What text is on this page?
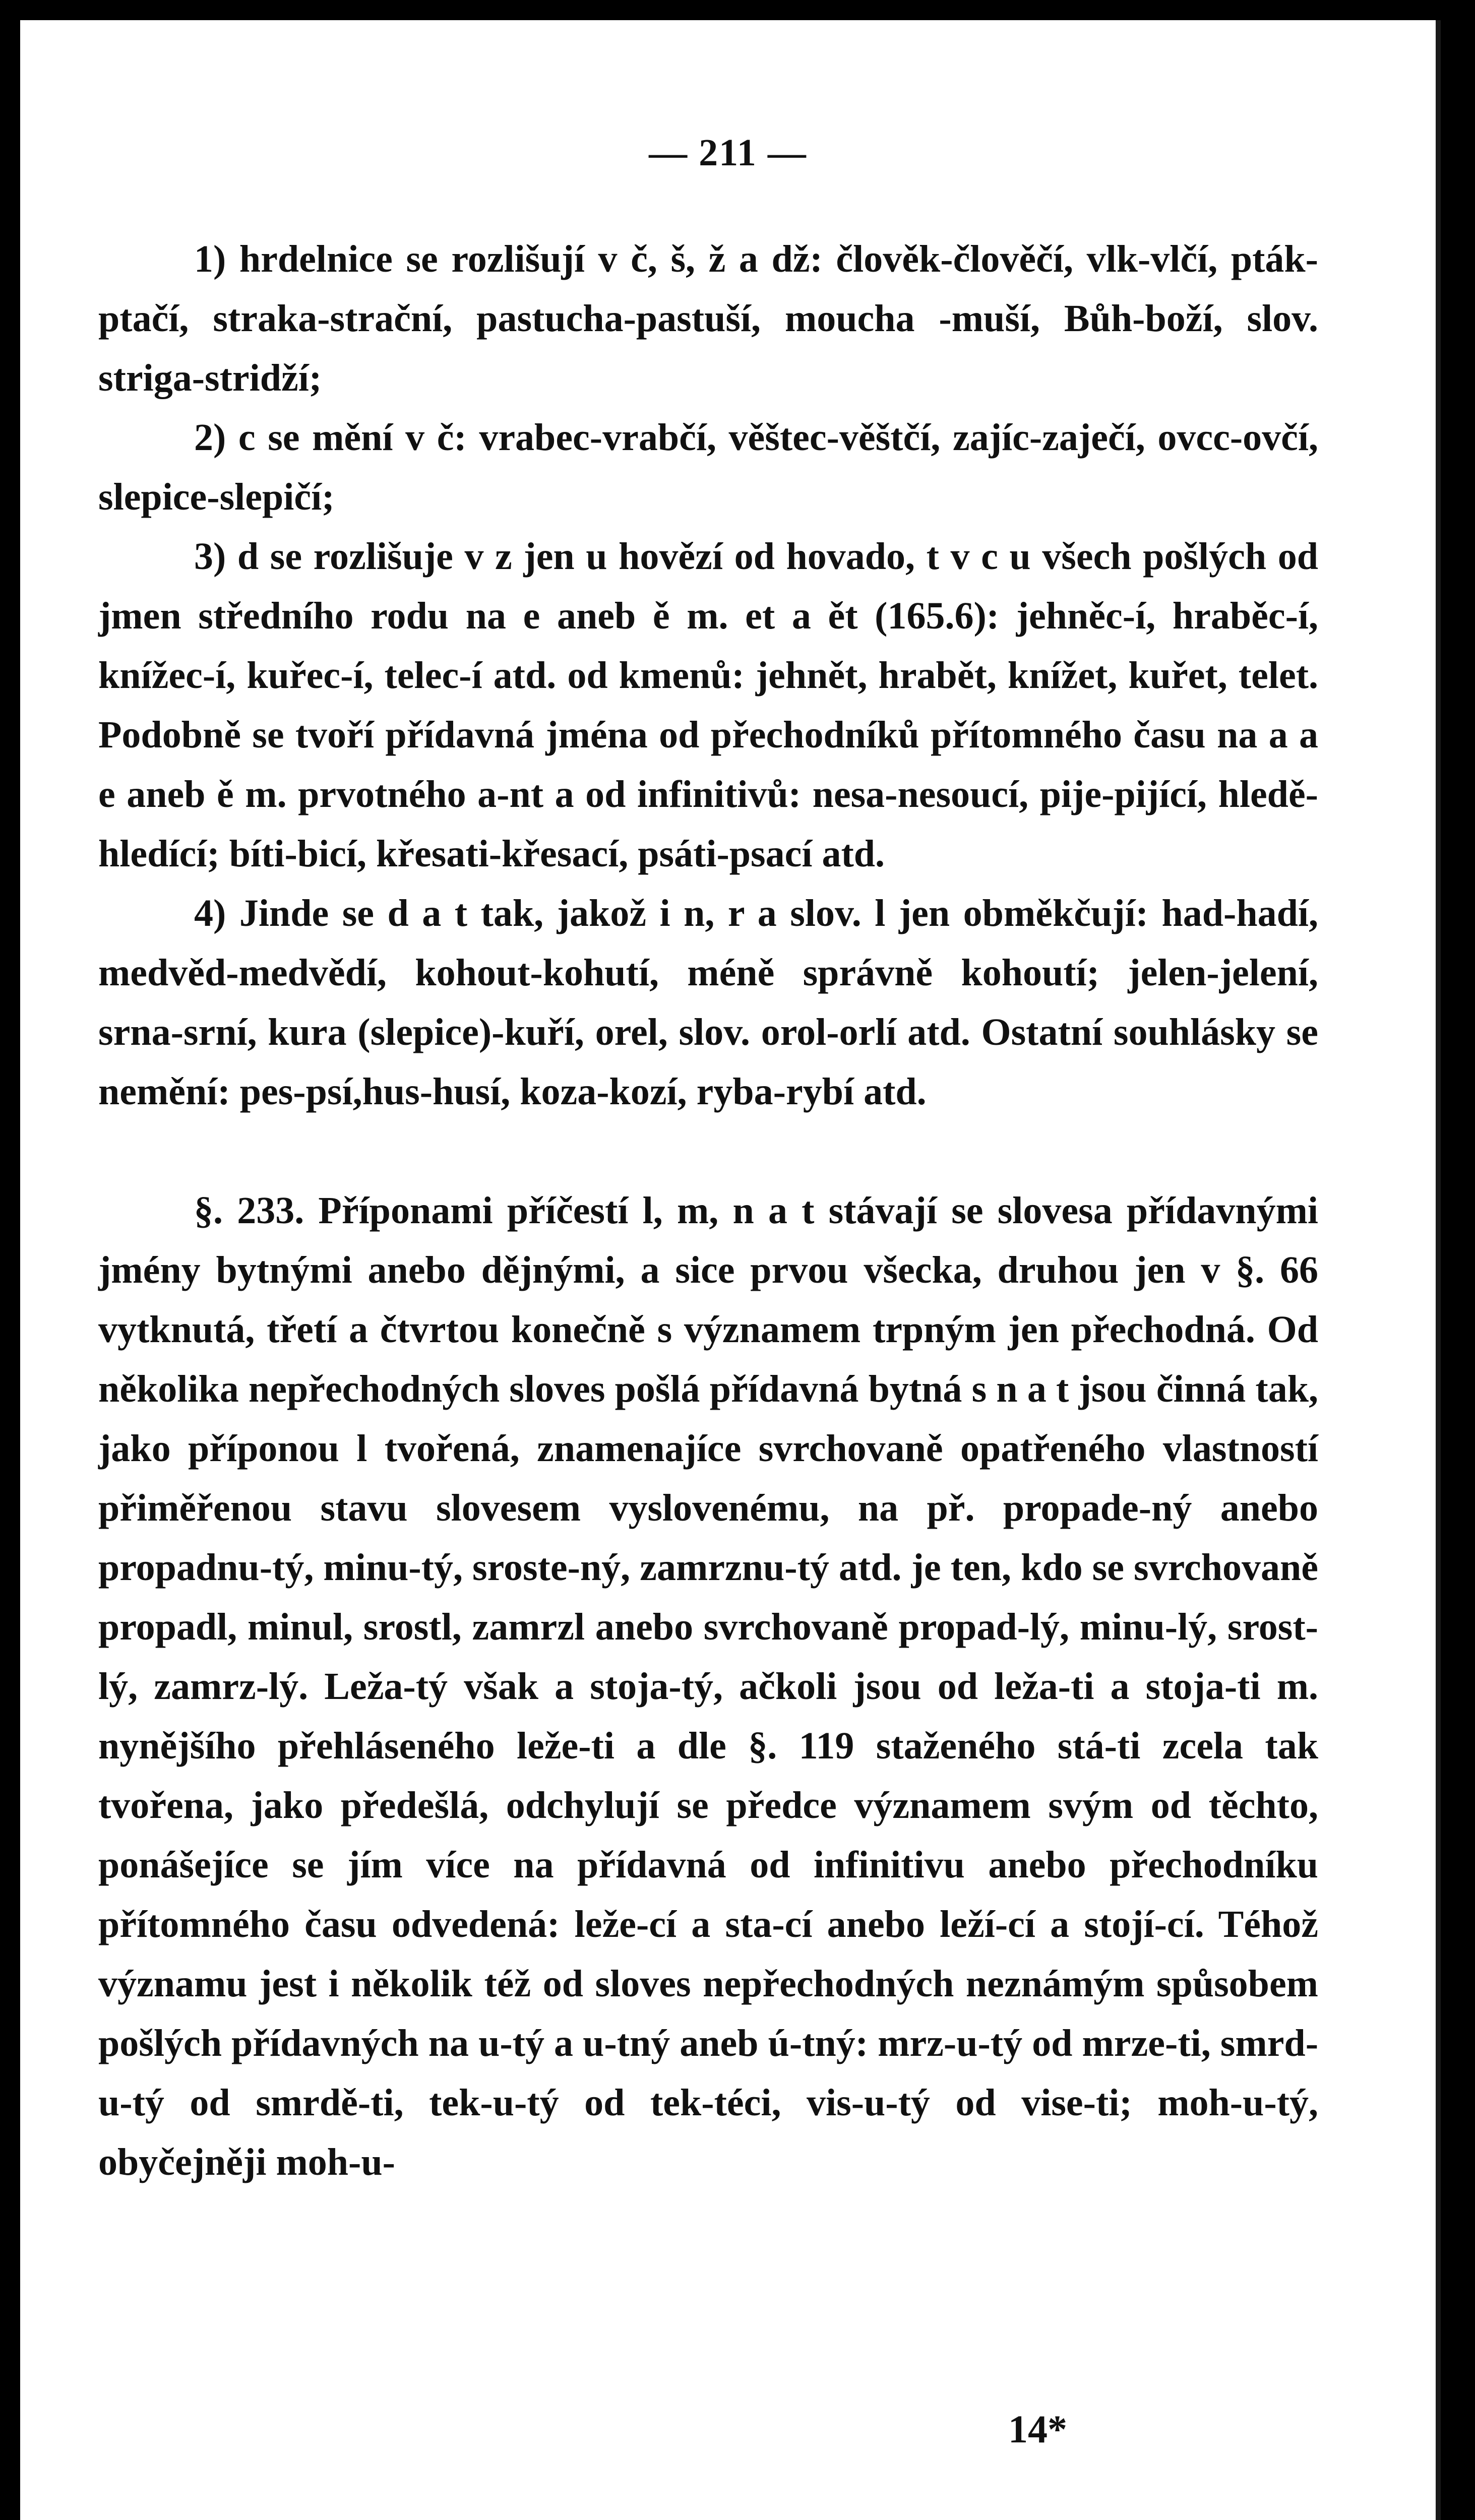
— 211 —

1) hrdelnice se rozlišují v č, š, ž a dž: člověk-člověčí, vlk-vlčí, pták-ptačí, straka-strační, pastucha-pastuší, moucha -muší, Bůh-boží, slov. striga-stridží;

2) c se mění v č: vrabec-vrabčí, věštec-věštčí, zajíc-zaječí, ovcc-ovčí, slepice-slepičí;

3) d se rozlišuje v z jen u hovězí od hovado, t v c u všech pošlých od jmen středního rodu na e aneb ě m. et a ět (165.6): jehněc-í, hraběc-í, knížec-í, kuřec-í, telec-í atd. od kmenů: jehnět, hrabět, knížet, kuřet, telet. Podobně se tvoří přídavná jména od přechodníků přítomného času na a a e aneb ě m. prvotného a-nt a od infinitivů: nesa-nesoucí, pije-pijící, hledě-hledící; bíti-bicí, křesati-křesací, psáti-psací atd.

4) Jinde se d a t tak, jakož i n, r a slov. l jen obměkčují: had-hadí, medvěd-medvědí, kohout-kohutí, méně správně kohoutí; jelen-jelení, srna-srní, kura (slepice)-kuří, orel, slov. orol-orlí atd. Ostatní souhlásky se nemění: pes-psí,hus-husí, koza-kozí, ryba-rybí atd.

§. 233. Příponami příčestí l, m, n a t stávají se slovesa přídavnými jmény bytnými anebo dějnými, a sice prvou všecka, druhou jen v §. 66 vytknutá, třetí a čtvrtou konečně s významem trpným jen přechodná. Od několika nepřechodných sloves pošlá přídavná bytná s n a t jsou činná tak, jako příponou l tvořená, znamenajíce svrchovaně opatřeného vlastností přiměřenou stavu slovesem vyslovenému, na př. propade-ný anebo propadnu-tý, minu-tý, sroste-ný, zamrznu-tý atd. je ten, kdo se svrchovaně propadl, minul, srostl, zamrzl anebo svrchovaně propad-lý, minu-lý, srost-lý, zamrz-lý. Leža-tý však a stoja-tý, ačkoli jsou od leža-ti a stoja-ti m. nynějšího přehláseného leže-ti a dle §. 119 staženého stá-ti zcela tak tvořena, jako předešlá, odchylují se předce významem svým od těchto, ponášejíce se jím více na přídavná od infinitivu anebo přechodníku přítomného času odvedená: leže-cí a sta-cí anebo leží-cí a stojí-cí. Téhož významu jest i několik též od sloves nepřechodných neznámým spůsobem pošlých přídavných na u-tý a u-tný aneb ú-tný: mrz-u-tý od mrze-ti, smrd-u-tý od smrdě-ti, tek-u-tý od tek-téci, vis-u-tý od vise-ti; moh-u-tý, obyčejněji moh-u-

14*
